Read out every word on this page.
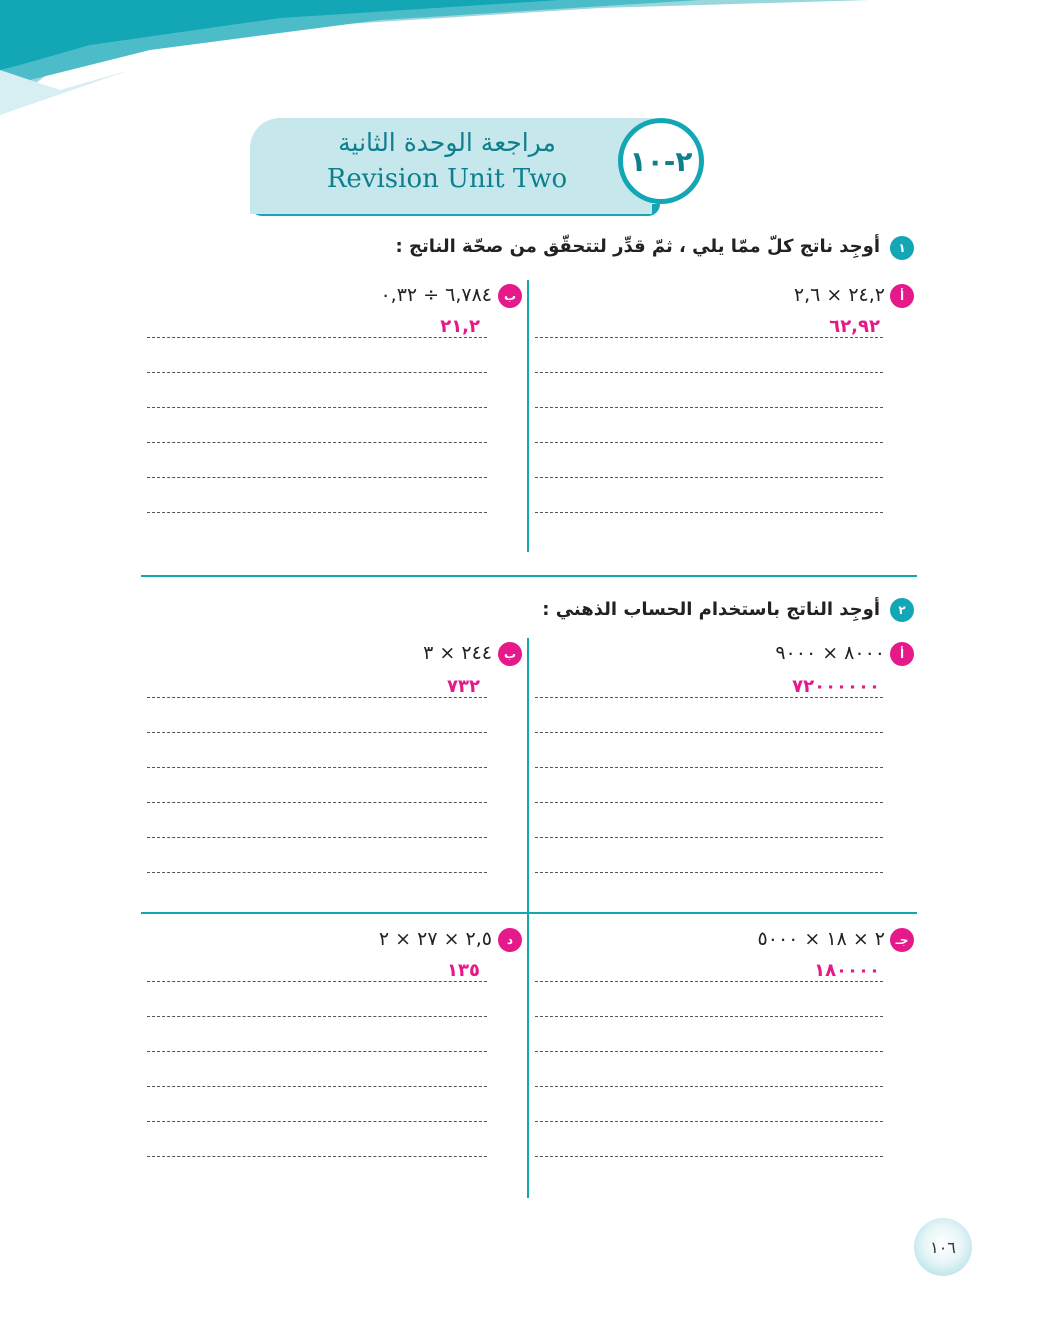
مراجعة الوحدة الثانية
Revision Unit Two
٢-١٠
١
أوجِد ناتج كلّ ممّا يلي ، ثمّ قدِّر لتتحقّق من صحّة الناتج :
أ
٢٤,٢ × ٢,٦
٦٢,٩٢
ب
٦,٧٨٤ ÷ ٠,٣٢
٢١,٢
٢
أوجِد الناتج باستخدام الحساب الذهني :
أ
٨٠٠٠ × ٩٠٠٠
٧٢٠٠٠٠٠٠
ب
٢٤٤ × ٣
٧٣٢
جـ
٢ × ١٨ × ٥٠٠٠
١٨٠٠٠٠
د
٢,٥ × ٢٧ × ٢
١٣٥
١٠٦
